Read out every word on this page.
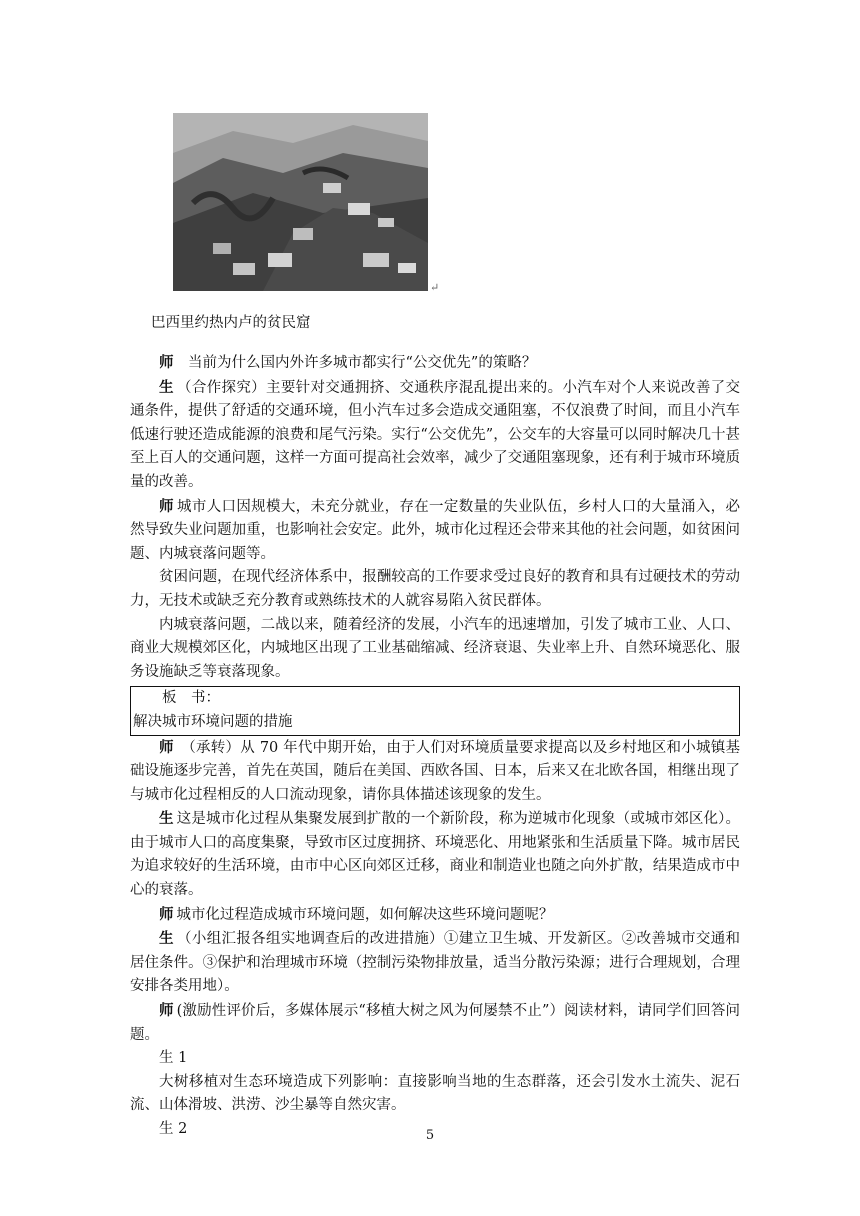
↵
巴西里约热内卢的贫民窟

师　当前为什么国内外许多城市都实行“公交优先”的策略？

生  （合作探究）主要针对交通拥挤、交通秩序混乱提出来的。小汽车对个人来说改善了交通条件，提供了舒适的交通环境，但小汽车过多会造成交通阻塞，不仅浪费了时间，而且小汽车低速行驶还造成能源的浪费和尾气污染。实行“公交优先”，公交车的大容量可以同时解决几十甚至上百人的交通问题，这样一方面可提高社会效率，减少了交通阻塞现象，还有利于城市环境质量的改善。

师  城市人口因规模大，未充分就业，存在一定数量的失业队伍，乡村人口的大量涌入，必然导致失业问题加重，也影响社会安定。此外，城市化过程还会带来其他的社会问题，如贫困问题、内城衰落问题等。

贫困问题，在现代经济体系中，报酬较高的工作要求受过良好的教育和具有过硬技术的劳动力，无技术或缺乏充分教育或熟练技术的人就容易陷入贫民群体。

内城衰落问题，二战以来，随着经济的发展，小汽车的迅速增加，引发了城市工业、人口、商业大规模郊区化，内城地区出现了工业基础缩减、经济衰退、失业率上升、自然环境恶化、服务设施缺乏等衰落现象。

板　书：

解决城市环境问题的措施

师  （承转）从 70 年代中期开始，由于人们对环境质量要求提高以及乡村地区和小城镇基础设施逐步完善，首先在英国，随后在美国、西欧各国、日本，后来又在北欧各国，相继出现了与城市化过程相反的人口流动现象，请你具体描述该现象的发生。

生  这是城市化过程从集聚发展到扩散的一个新阶段，称为逆城市化现象（或城市郊区化）。由于城市人口的高度集聚，导致市区过度拥挤、环境恶化、用地紧张和生活质量下降。城市居民为追求较好的生活环境，由市中心区向郊区迁移，商业和制造业也随之向外扩散，结果造成市中心的衰落。

师  城市化过程造成城市环境问题，如何解决这些环境问题呢？

生  （小组汇报各组实地调查后的改进措施）①建立卫生城、开发新区。②改善城市交通和居住条件。③保护和治理城市环境（控制污染物排放量，适当分散污染源；进行合理规划，合理安排各类用地）。

师  (激励性评价后，多媒体展示“移植大树之风为何屡禁不止”）阅读材料，请同学们回答问题。

生 1

大树移植对生态环境造成下列影响：直接影响当地的生态群落，还会引发水土流失、泥石流、山体滑坡、洪涝、沙尘暴等自然灾害。

生 2	5
